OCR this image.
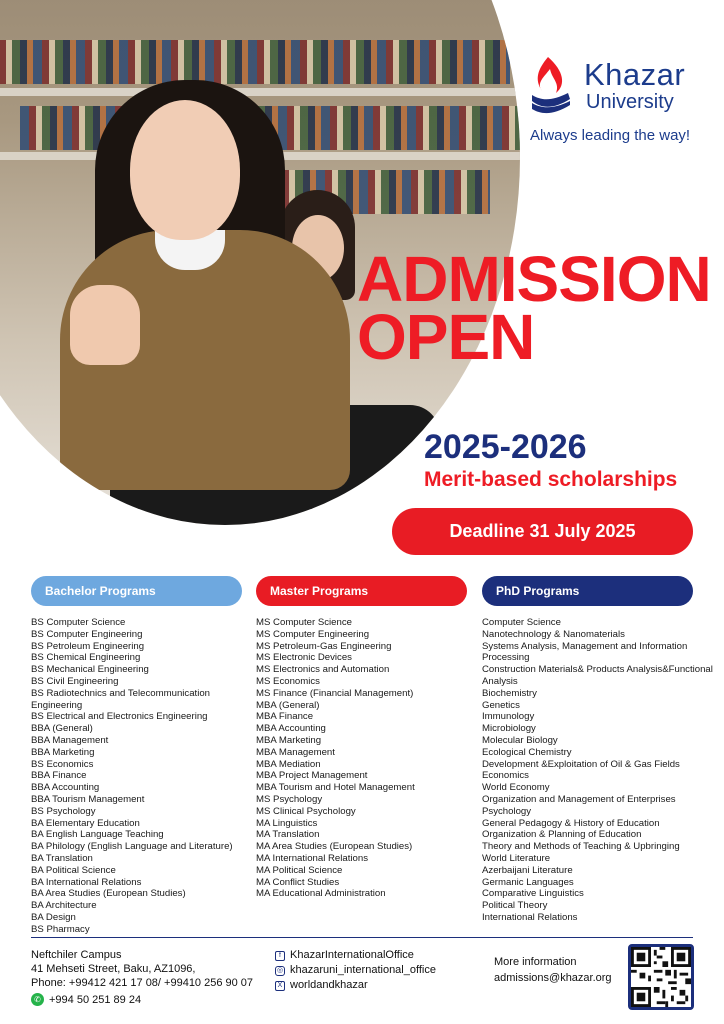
Khazar
University
Always leading the way!
ADMISSION
OPEN
2025-2026
Merit-based scholarships
Deadline 31 July 2025
Bachelor Programs	Master Programs	PhD Programs
BS Computer Science
BS Computer Engineering
BS Petroleum Engineering
BS Chemical Engineering
BS Mechanical Engineering
BS Civil Engineering
BS Radiotechnics and Telecommunication Engineering
BS Electrical and Electronics Engineering
BBA (General)
BBA Management
BBA Marketing
BS Economics
BBA Finance
BBA Accounting
BBA Tourism Management
BS Psychology
BA Elementary Education
BA English Language Teaching
BA Philology (English Language and Literature)
BA Translation
BA Political Science
BA International Relations
BA Area Studies (European Studies)
BA Architecture
BA Design
BS Pharmacy
MS Computer Science
MS Computer Engineering
MS Petroleum-Gas Engineering
MS Electronic Devices
MS Electronics and Automation
MS Economics
MS Finance (Financial Management)
MBA (General)
MBA Finance
MBA Accounting
MBA Marketing
MBA Management
MBA Mediation
MBA Project Management
MBA Tourism and Hotel Management
MS Psychology
MS Clinical Psychology
MA Linguistics
MA Translation
MA Area Studies (European Studies)
MA International Relations
MA Political Science
MA Conflict Studies
MA Educational Administration
Computer Science
Nanotechnology & Nanomaterials
Systems Analysis, Management and Information Processing
Construction Materials& Products Analysis&Functional Analysis
Biochemistry
Genetics
Immunology
Microbiology
Molecular Biology
Ecological Chemistry
Development &Exploitation of Oil & Gas Fields
Economics
World Economy
Organization and Management of Enterprises
Psychology
General Pedagogy & History of Education
Organization & Planning of Education
Theory and Methods of Teaching & Upbringing
World Literature
Azerbaijani Literature
Germanic Languages
Comparative Linguistics
Political Theory
International Relations
Neftchiler Campus
41 Mehseti Street, Baku, AZ1096,
Phone: +99412 421 17 08/ +99410 256 90 07
✆ +994 50 251 89 24
f KhazarInternationalOffice
◎ khazaruni_international_office
X worldandkhazar
More information
admissions@khazar.org
